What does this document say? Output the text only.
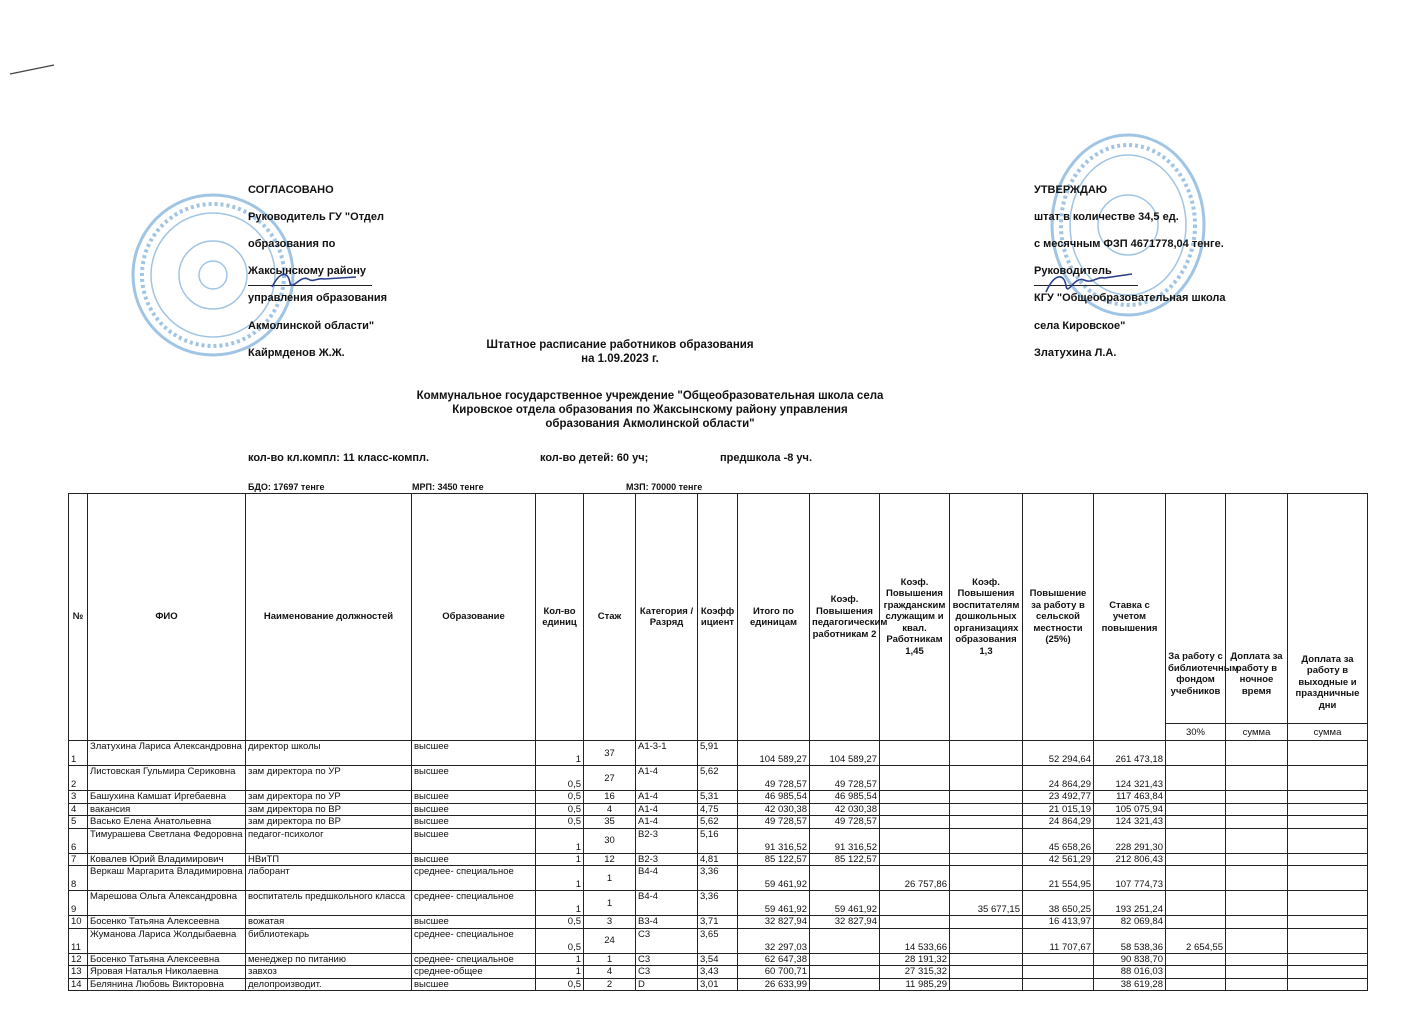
СОГЛАСОВАНО

Руководитель ГУ "Отдел

образования по

Жаксынскому району

управления образования

Акмолинской области"

Кайрмденов Ж.Ж.

УТВЕРЖДАЮ

штат в количестве 34,5 ед.

с месячным ФЗП 4671778,04 тенге.

Руководитель

КГУ "Общеобразовательная школа

села Кировское"

Златухина Л.А.

Штатное расписание работников образования
на 1.09.2023 г.
Коммунальное государственное учреждение "Общеобразовательная школа села
Кировское отдела образования по Жаксынскому району управления
образования Акмолинской области"
кол-во кл.компл: 11 класс-компл.	кол-во детей: 60 уч;	предшкола -8 уч.
БДО: 17697 тенге	МРП: 3450 тенге	МЗП: 70000 тенге
№	ФИО	Наименование должностей	Образование	Кол-во единиц	Стаж	Категория / Разряд	Коэффициент	Итого по единицам	Коэф. Повышения педагогическим работникам 2	Коэф. Повышения гражданским служащим и квал. Работникам 1,45	Коэф. Повышения воспитателям дошкольных организациях образования 1,3	Повышение за работу в сельской местности (25%)	Ставка с учетом повышения	За работу с библиотечным фондом учебников	Доплата за работу в ночное время	Доплата за работу в выходные и праздничные дни
														30%	сумма	сумма
1	Златухина Лариса Александровна	директор школы	высшее	1	37	А1-3-1	5,91	104 589,27	104 589,27			52 294,64	261 473,18			
2	Листовская Гульмира Сериковна	зам директора по УР	высшее	0,5	27	А1-4	5,62	49 728,57	49 728,57			24 864,29	124 321,43			
3	Башухина Камшат Иргебаевна	зам директора по УР	высшее	0,5	16	А1-4	5,31	46 985,54	46 985,54			23 492,77	117 463,84			
4	вакансия	зам директора по ВР	высшее	0,5	4	А1-4	4,75	42 030,38	42 030,38			21 015,19	105 075,94			
5	Васько Елена Анатольевна	зам директора по ВР	высшее	0,5	35	А1-4	5,62	49 728,57	49 728,57			24 864,29	124 321,43			
6	Тимурашева Светлана Федоровна	педагог-психолог	высшее	1	30	В2-3	5,16	91 316,52	91 316,52			45 658,26	228 291,30			
7	Ковалев Юрий Владимирович	НВиТП	высшее	1	12	В2-3	4,81	85 122,57	85 122,57			42 561,29	212 806,43			
8	Веркаш Маргарита Владимировна	лаборант	среднее- специальное	1	1	В4-4	3,36	59 461,92		26 757,86		21 554,95	107 774,73			
9	Марешова Ольга Александровна	воспитатель предшкольного класса	среднее- специальное	1	1	В4-4	3,36	59 461,92	59 461,92		35 677,15	38 650,25	193 251,24			
10	Босенко Татьяна Алексеевна	вожатая	высшее	0,5	3	В3-4	3,71	32 827,94	32 827,94			16 413,97	82 069,84			
11	Жуманова Лариса Жолдыбаевна	библиотекарь	среднее- специальное	0,5	24	С3	3,65	32 297,03		14 533,66		11 707,67	58 538,36	2 654,55		
12	Босенко Татьяна Алексеевна	менеджер по питанию	среднее- специальное	1	1	С3	3,54	62 647,38		28 191,32			90 838,70			
13	Яровая Наталья Николаевна	завхоз	среднее-общее	1	4	С3	3,43	60 700,71		27 315,32			88 016,03			
14	Белянина Любовь Викторовна	делопроизводит.	высшее	0,5	2	D	3,01	26 633,99		11 985,29			38 619,28			
